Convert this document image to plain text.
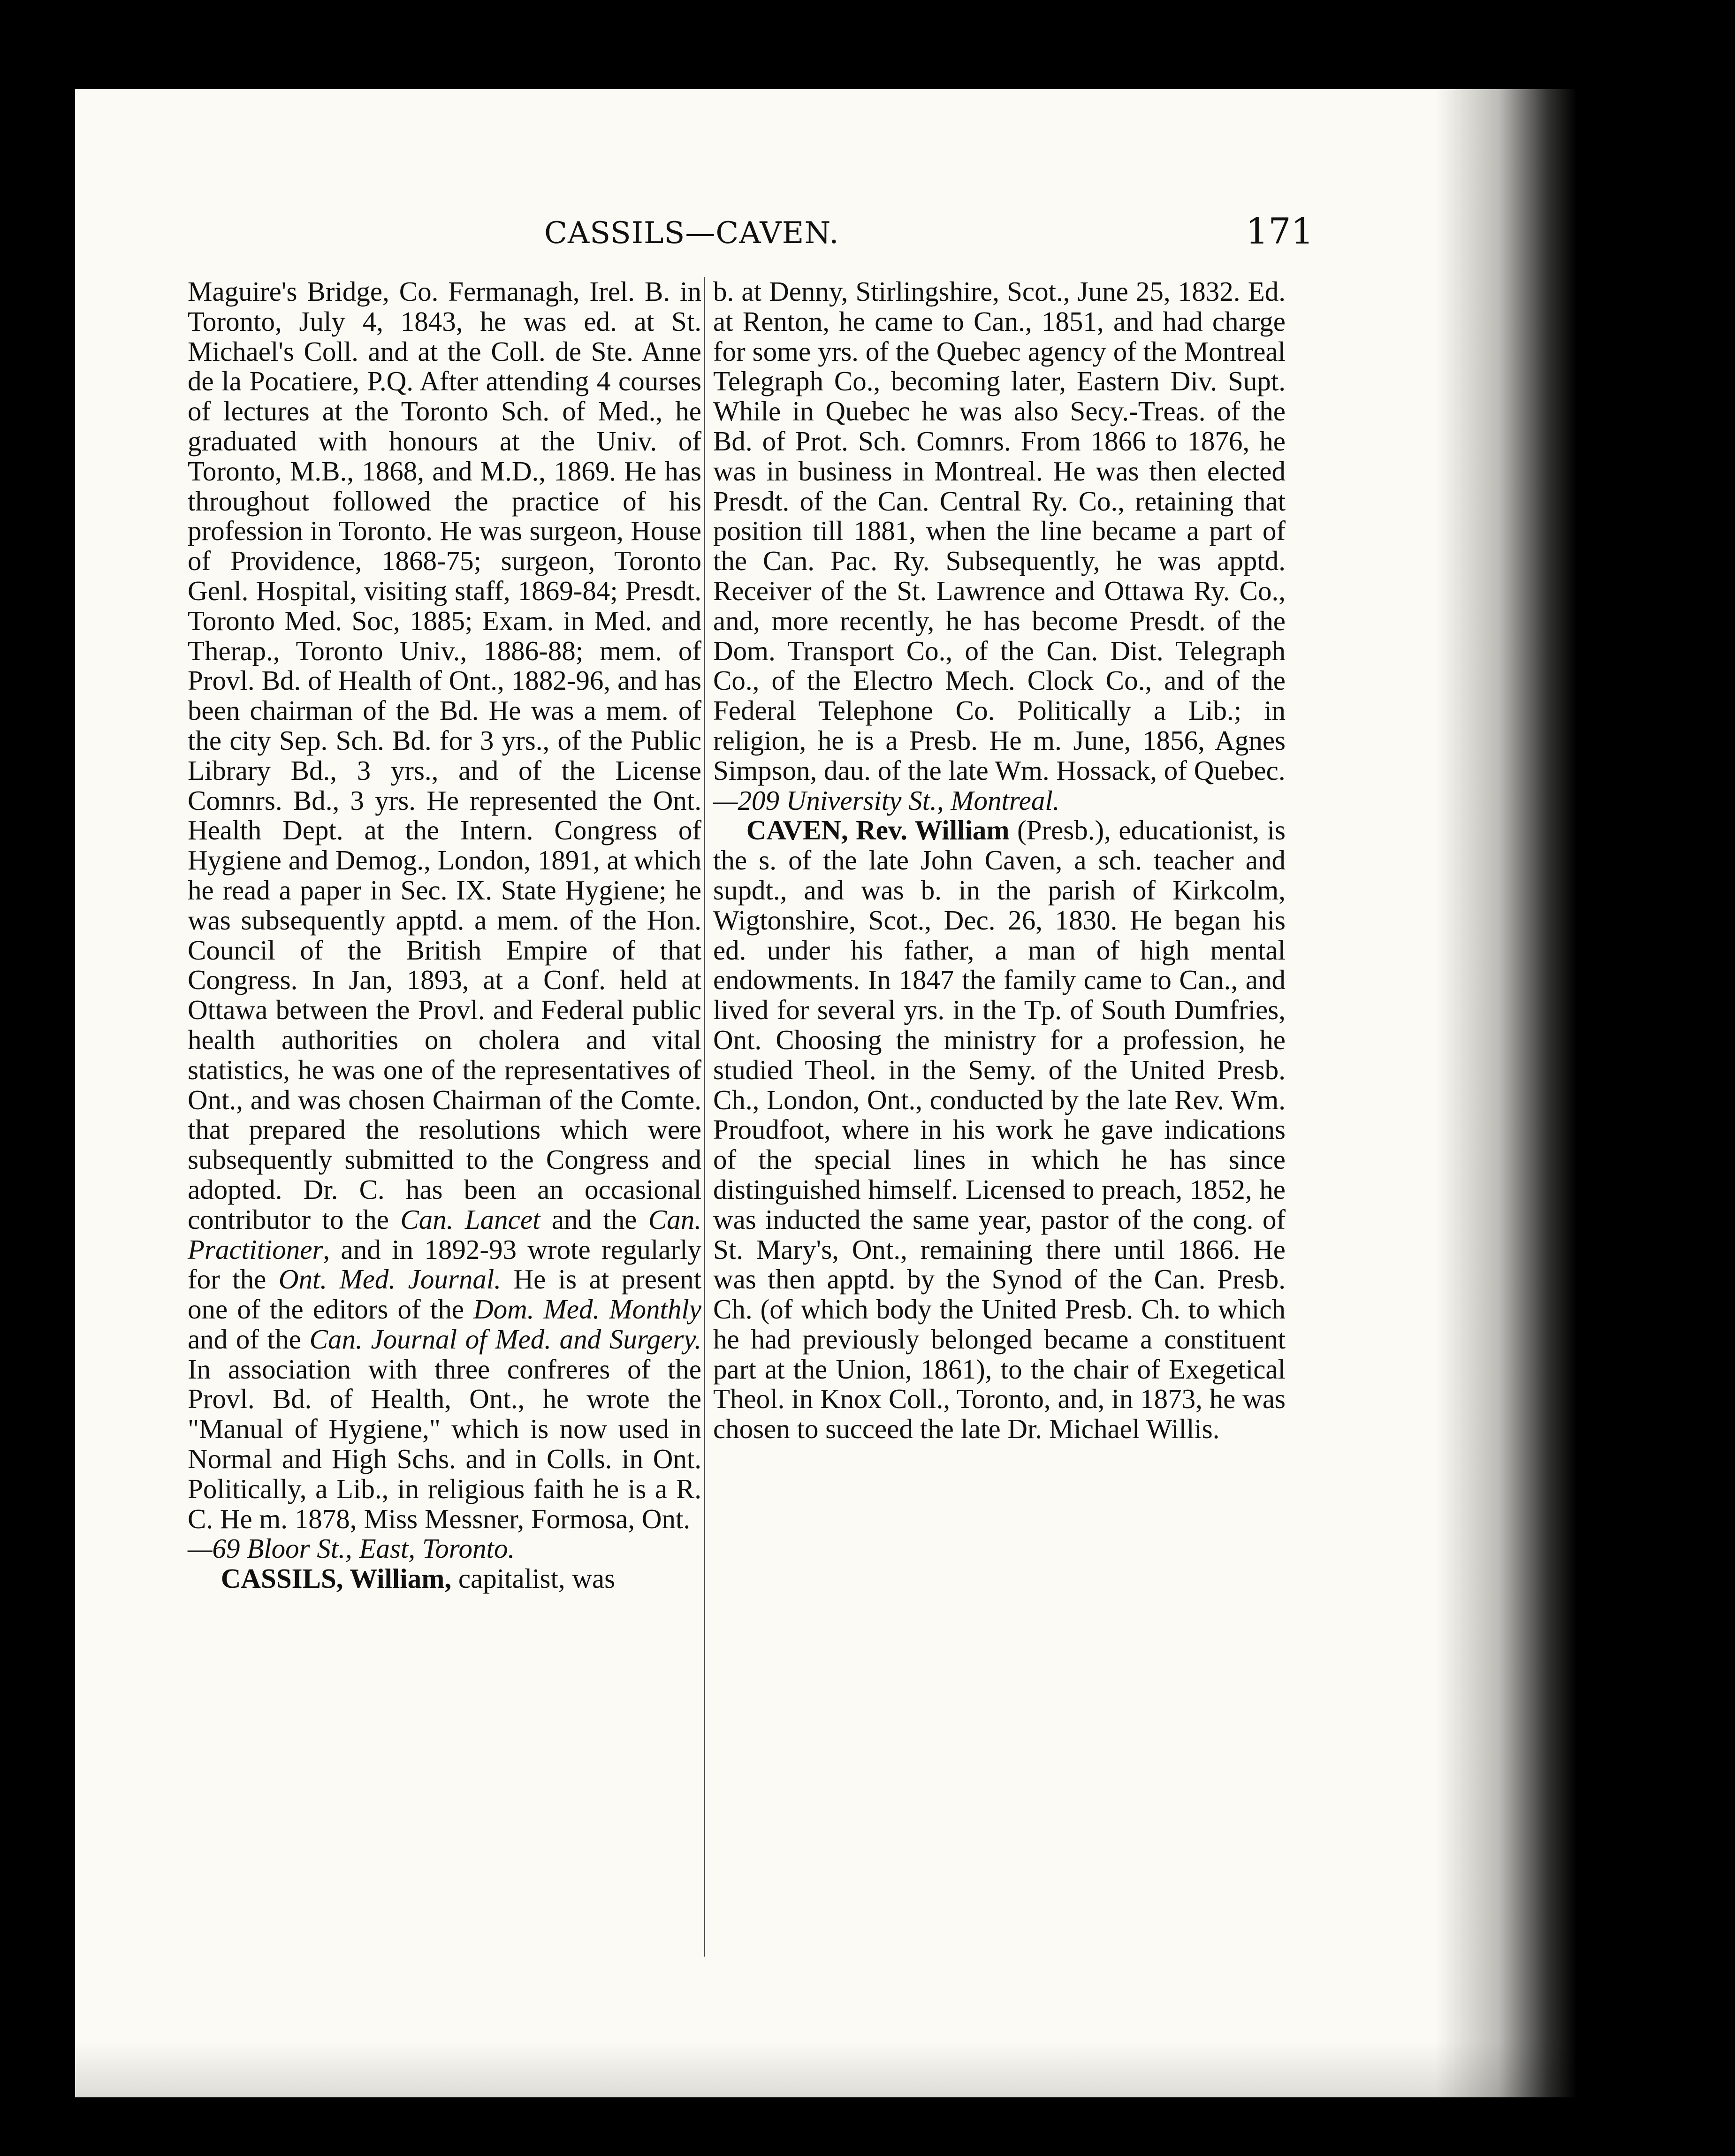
CASSILS—CAVEN.	171

Maguire's Bridge, Co. Fermanagh, Irel. B. in Toronto, July 4, 1843, he was ed. at St. Michael's Coll. and at the Coll. de Ste. Anne de la Pocatiere, P.Q. After attending 4 courses of lectures at the Toronto Sch. of Med., he graduated with honours at the Univ. of Toronto, M.B., 1868, and M.D., 1869. He has throughout followed the practice of his profession in Toronto. He was surgeon, House of Providence, 1868-75; surgeon, Toronto Genl. Hospital, visiting staff, 1869-84; Presdt. Toronto Med. Soc, 1885; Exam. in Med. and Therap., Toronto Univ., 1886-88; mem. of Provl. Bd. of Health of Ont., 1882-96, and has been chairman of the Bd. He was a mem. of the city Sep. Sch. Bd. for 3 yrs., of the Public Library Bd., 3 yrs., and of the License Comnrs. Bd., 3 yrs. He represented the Ont. Health Dept. at the Intern. Congress of Hygiene and Demog., London, 1891, at which he read a paper in Sec. IX. State Hygiene; he was subsequently apptd. a mem. of the Hon. Council of the British Empire of that Congress. In Jan, 1893, at a Conf. held at Ottawa between the Provl. and Federal public health authorities on cholera and vital statistics, he was one of the representatives of Ont., and was chosen Chairman of the Comte. that prepared the resolutions which were subsequently submitted to the Congress and adopted. Dr. C. has been an occasional contributor to the Can. Lancet and the Can. Practitioner, and in 1892-93 wrote regularly for the Ont. Med. Journal. He is at present one of the editors of the Dom. Med. Monthly and of the Can. Journal of Med. and Surgery. In association with three confreres of the Provl. Bd. of Health, Ont., he wrote the "Manual of Hygiene," which is now used in Normal and High Schs. and in Colls. in Ont. Politically, a Lib., in religious faith he is a R. C. He m. 1878, Miss Messner, Formosa, Ont.

—69 Bloor St., East, Toronto.

CASSILS, William, capitalist, was

b. at Denny, Stirlingshire, Scot., June 25, 1832. Ed. at Renton, he came to Can., 1851, and had charge for some yrs. of the Quebec agency of the Montreal Telegraph Co., becoming later, Eastern Div. Supt. While in Quebec he was also Secy.-Treas. of the Bd. of Prot. Sch. Comnrs. From 1866 to 1876, he was in business in Montreal. He was then elected Presdt. of the Can. Central Ry. Co., retaining that position till 1881, when the line became a part of the Can. Pac. Ry. Subsequently, he was apptd. Receiver of the St. Lawrence and Ottawa Ry. Co., and, more recently, he has become Presdt. of the Dom. Transport Co., of the Can. Dist. Telegraph Co., of the Electro Mech. Clock Co., and of the Federal Telephone Co. Politically a Lib.; in religion, he is a Presb. He m. June, 1856, Agnes Simpson, dau. of the late Wm. Hossack, of Quebec.

—209 University St., Montreal.

CAVEN, Rev. William (Presb.), educationist, is the s. of the late John Caven, a sch. teacher and supdt., and was b. in the parish of Kirkcolm, Wigtonshire, Scot., Dec. 26, 1830. He began his ed. under his father, a man of high mental endowments. In 1847 the family came to Can., and lived for several yrs. in the Tp. of South Dumfries, Ont. Choosing the ministry for a profession, he studied Theol. in the Semy. of the United Presb. Ch., London, Ont., conducted by the late Rev. Wm. Proudfoot, where in his work he gave indications of the special lines in which he has since distinguished himself. Licensed to preach, 1852, he was inducted the same year, pastor of the cong. of St. Mary's, Ont., remaining there until 1866. He was then apptd. by the Synod of the Can. Presb. Ch. (of which body the United Presb. Ch. to which he had previously belonged became a constituent part at the Union, 1861), to the chair of Exegetical Theol. in Knox Coll., Toronto, and, in 1873, he was chosen to succeed the late Dr. Michael Willis.
